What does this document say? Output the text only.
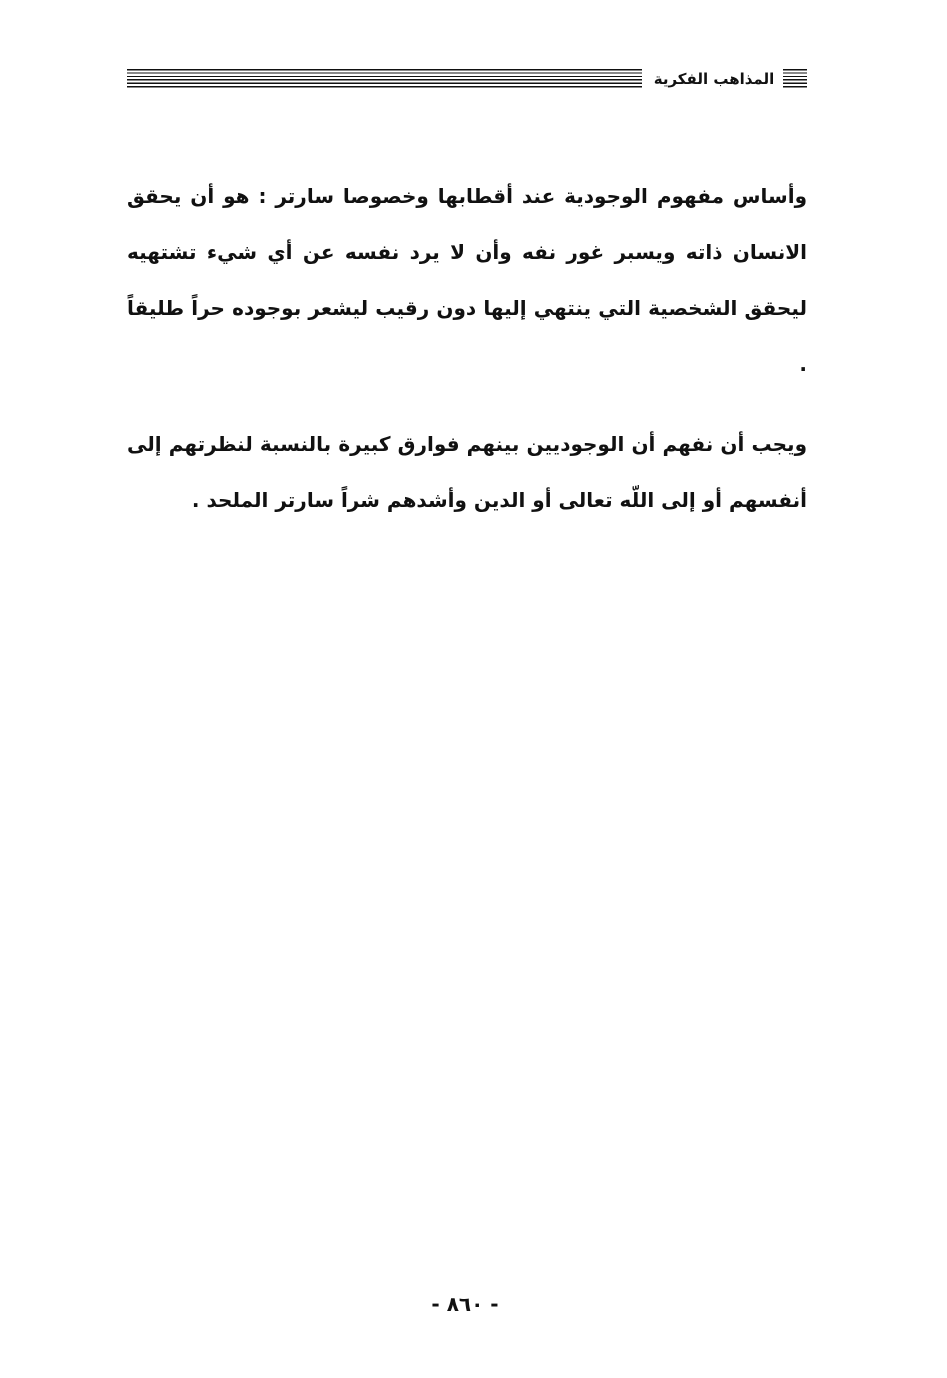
المذاهب الفكرية

وأساس مفهوم الوجودية عند أقطابها وخصوصا سارتر : هو أن يحقق الانسان ذاته ويسبر غور نفه وأن لا يرد نفسه عن أي شيء تشتهيه ليحقق الشخصية التي ينتهي إليها دون رقيب ليشعر بوجوده حراً طليقاً .

ويجب أن نفهم أن الوجوديين بينهم فوارق كبيرة بالنسبة لنظرتهم إلى أنفسهم أو إلى اللّه تعالى أو الدين وأشدهم شراً سارتر الملحد .

- ٨٦٠ -
